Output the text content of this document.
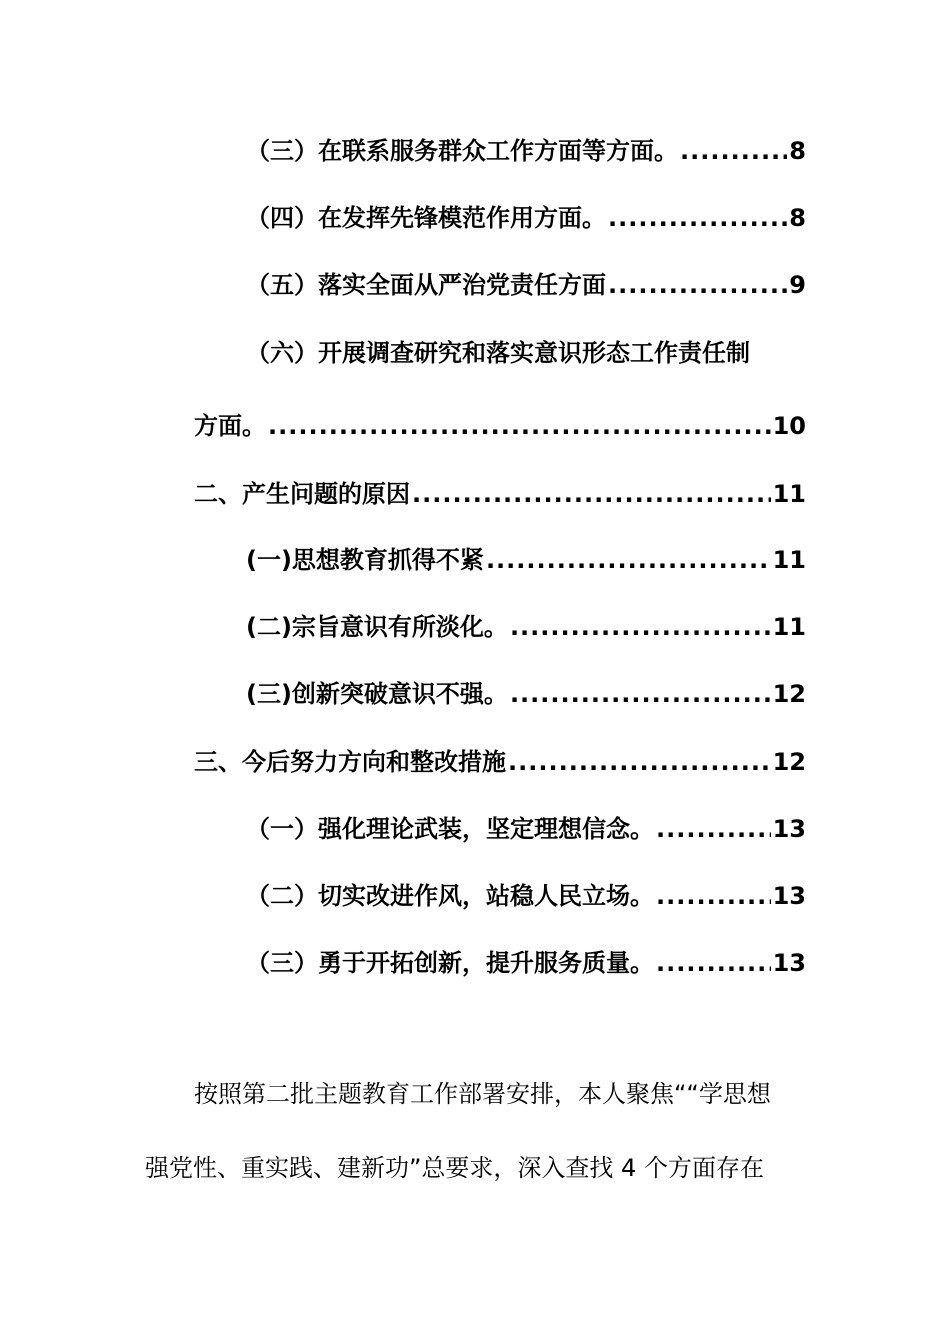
（三）在联系服务群众工作方面等方面。 .....	8
（四）在发挥先锋模范作用方面。 .....	8
（五）落实全面从严治党责任方面 .....	9
（六）开展调查研究和落实意识形态工作责任制
方面。 .....	10
二、产生问题的原因 .....	11
(一)思想教育抓得不紧 .....	11
(二)宗旨意识有所淡化。 .....	11
(三)创新突破意识不强。 .....	12
三、今后努力方向和整改措施 .....	12
（一）强化理论武装，坚定理想信念。 .....	13
（二）切实改进作风，站稳人民立场。 .....	13
（三）勇于开拓创新，提升服务质量。 .....	13
按照第二批主题教育工作部署安排，本人聚焦““学思想
强党性、重实践、建新功”总要求，深入查找 4 个方面存在
